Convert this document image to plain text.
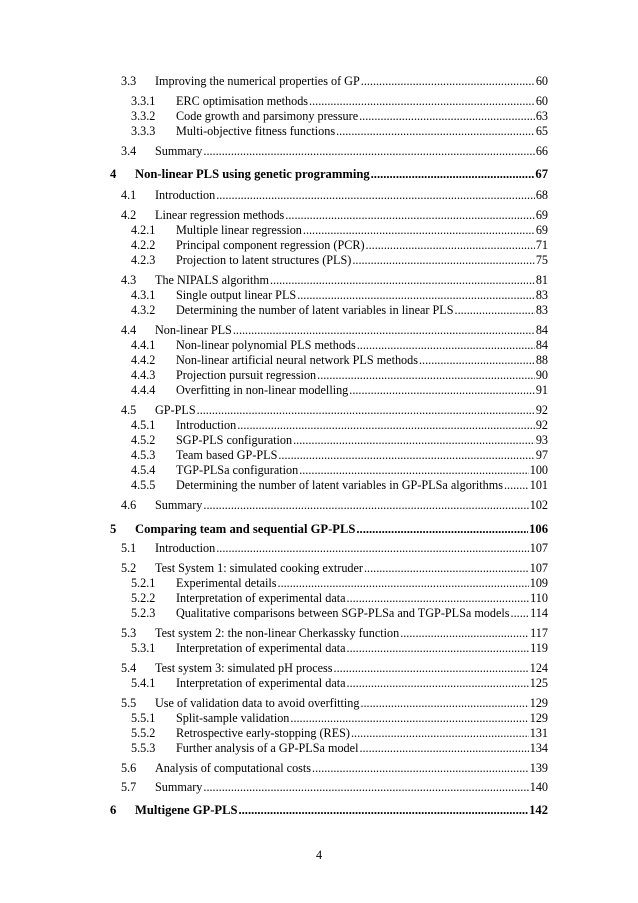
3.3	Improving the numerical properties of GP .....	60
3.3.1	ERC optimisation methods .....	60
3.3.2	Code growth and parsimony pressure .....	63
3.3.3	Multi-objective fitness functions .....	65
3.4	Summary .....	66
4	Non-linear PLS using genetic programming .....	67
4.1	Introduction .....	68
4.2	Linear regression methods .....	69
4.2.1	Multiple linear regression .....	69
4.2.2	Principal component regression (PCR) .....	71
4.2.3	Projection to latent structures (PLS) .....	75
4.3	The NIPALS algorithm .....	81
4.3.1	Single output linear PLS .....	83
4.3.2	Determining the number of latent variables in linear PLS .....	83
4.4	Non-linear PLS .....	84
4.4.1	Non-linear polynomial PLS methods .....	84
4.4.2	Non-linear artificial neural network PLS methods .....	88
4.4.3	Projection pursuit regression .....	90
4.4.4	Overfitting in non-linear modelling .....	91
4.5	GP-PLS .....	92
4.5.1	Introduction .....	92
4.5.2	SGP-PLS configuration .....	93
4.5.3	Team based GP-PLS .....	97
4.5.4	TGP-PLSa configuration .....	100
4.5.5	Determining the number of latent variables in GP-PLSa algorithms ..... 101
4.6	Summary .....	102
5	Comparing team and sequential GP-PLS .....	106
5.1	Introduction .....	107
5.2	Test System 1: simulated cooking extruder .....	107
5.2.1	Experimental details .....	109
5.2.2	Interpretation of experimental data .....	110
5.2.3	Qualitative comparisons between SGP-PLSa and TGP-PLSa models ..... 114
5.3	Test system 2: the non-linear Cherkassky function .....	117
5.3.1	Interpretation of experimental data .....	119
5.4	Test system 3: simulated pH process .....	124
5.4.1	Interpretation of experimental data .....	125
5.5	Use of validation data to avoid overfitting .....	129
5.5.1	Split-sample validation .....	129
5.5.2	Retrospective early-stopping (RES) .....	131
5.5.3	Further analysis of a GP-PLSa model .....	134
5.6	Analysis of computational costs .....	139
5.7	Summary .....	140
6	Multigene GP-PLS .....	142
4
